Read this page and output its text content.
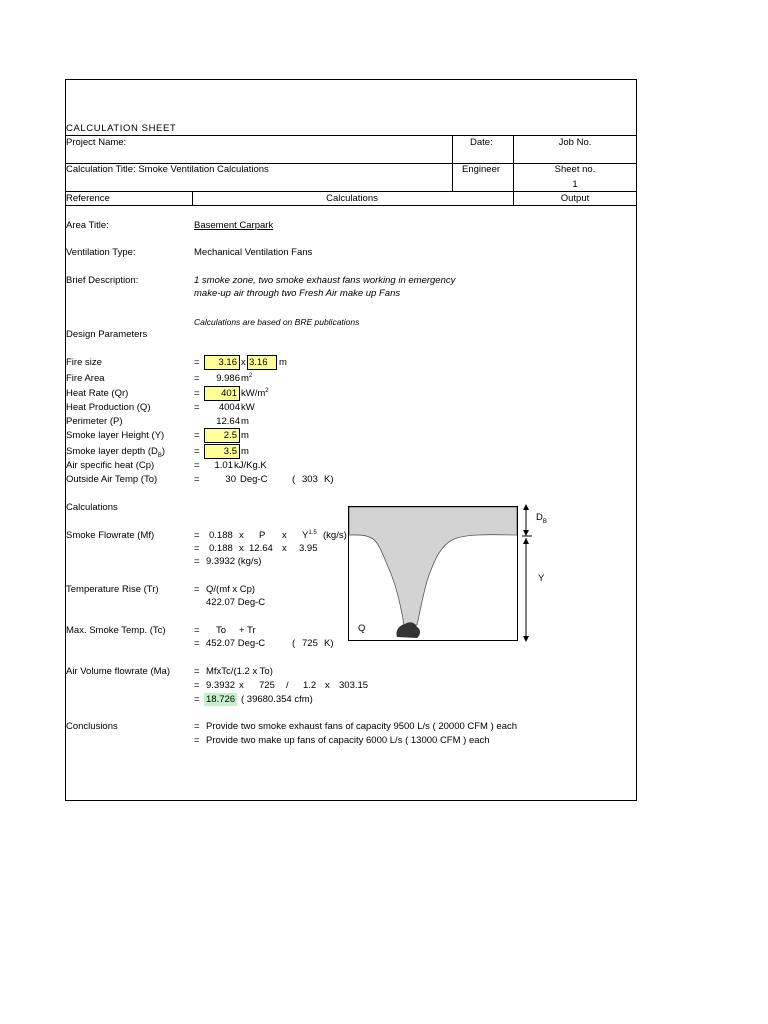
CALCULATION SHEET
Project Name:	Date:	Job No.
Calculation Title: Smoke Ventilation Calculations	Engineer	Sheet no.
1
Reference	Calculations	Output
Area Title:	Basement Carpark
Ventilation Type:	Mechanical Ventilation Fans
Brief Description:	1 smoke zone, two smoke exhaust fans working in emergency
make-up air through two Fresh Air make up Fans
Calculations are based on BRE publications
Design Parameters
Fire size	=	3.16 x 3.16	m
Fire Area	=	9.986 $m^2$
Heat Rate (Qr)	=	401 $kW/m^2$
Heat Production (Q)	=	4004 kW
Perimeter (P)	12.64 m
Smoke layer Height (Y)	=	2.5 m
Smoke layer depth $(D_B)$	=	3.5 m
Air specific heat (Cp)	=	1.01 kJ/Kg.K
Outside Air Temp (To)	=	30 Deg-C	( 303 K)
Calculations
Smoke Flowrate (Mf)	= 0.188 x P x $Y^{1.5}$ (kg/s)
= 0.188 x 12.64 x 3.95
= 9.3932 (kg/s)
Temperature Rise (Tr)	= Q/(mf x Cp)
422.07 Deg-C
Max. Smoke Temp. (Tc)	= To + Tr
= 452.07 Deg-C	( 725 K)
Air Volume flowrate (Ma)	= MfxTc/(1.2 x To)
= 9.3932 x 725 / 1.2 x 303.15
= 18.726 ( 39680.354 cfm)
Conclusions	= Provide two smoke exhaust fans of capacity 9500 L/s ( 20000 CFM ) each
= Provide two make up fans of capacity 6000 L/s ( 13000 CFM ) each
$D_B$
Y
Q
